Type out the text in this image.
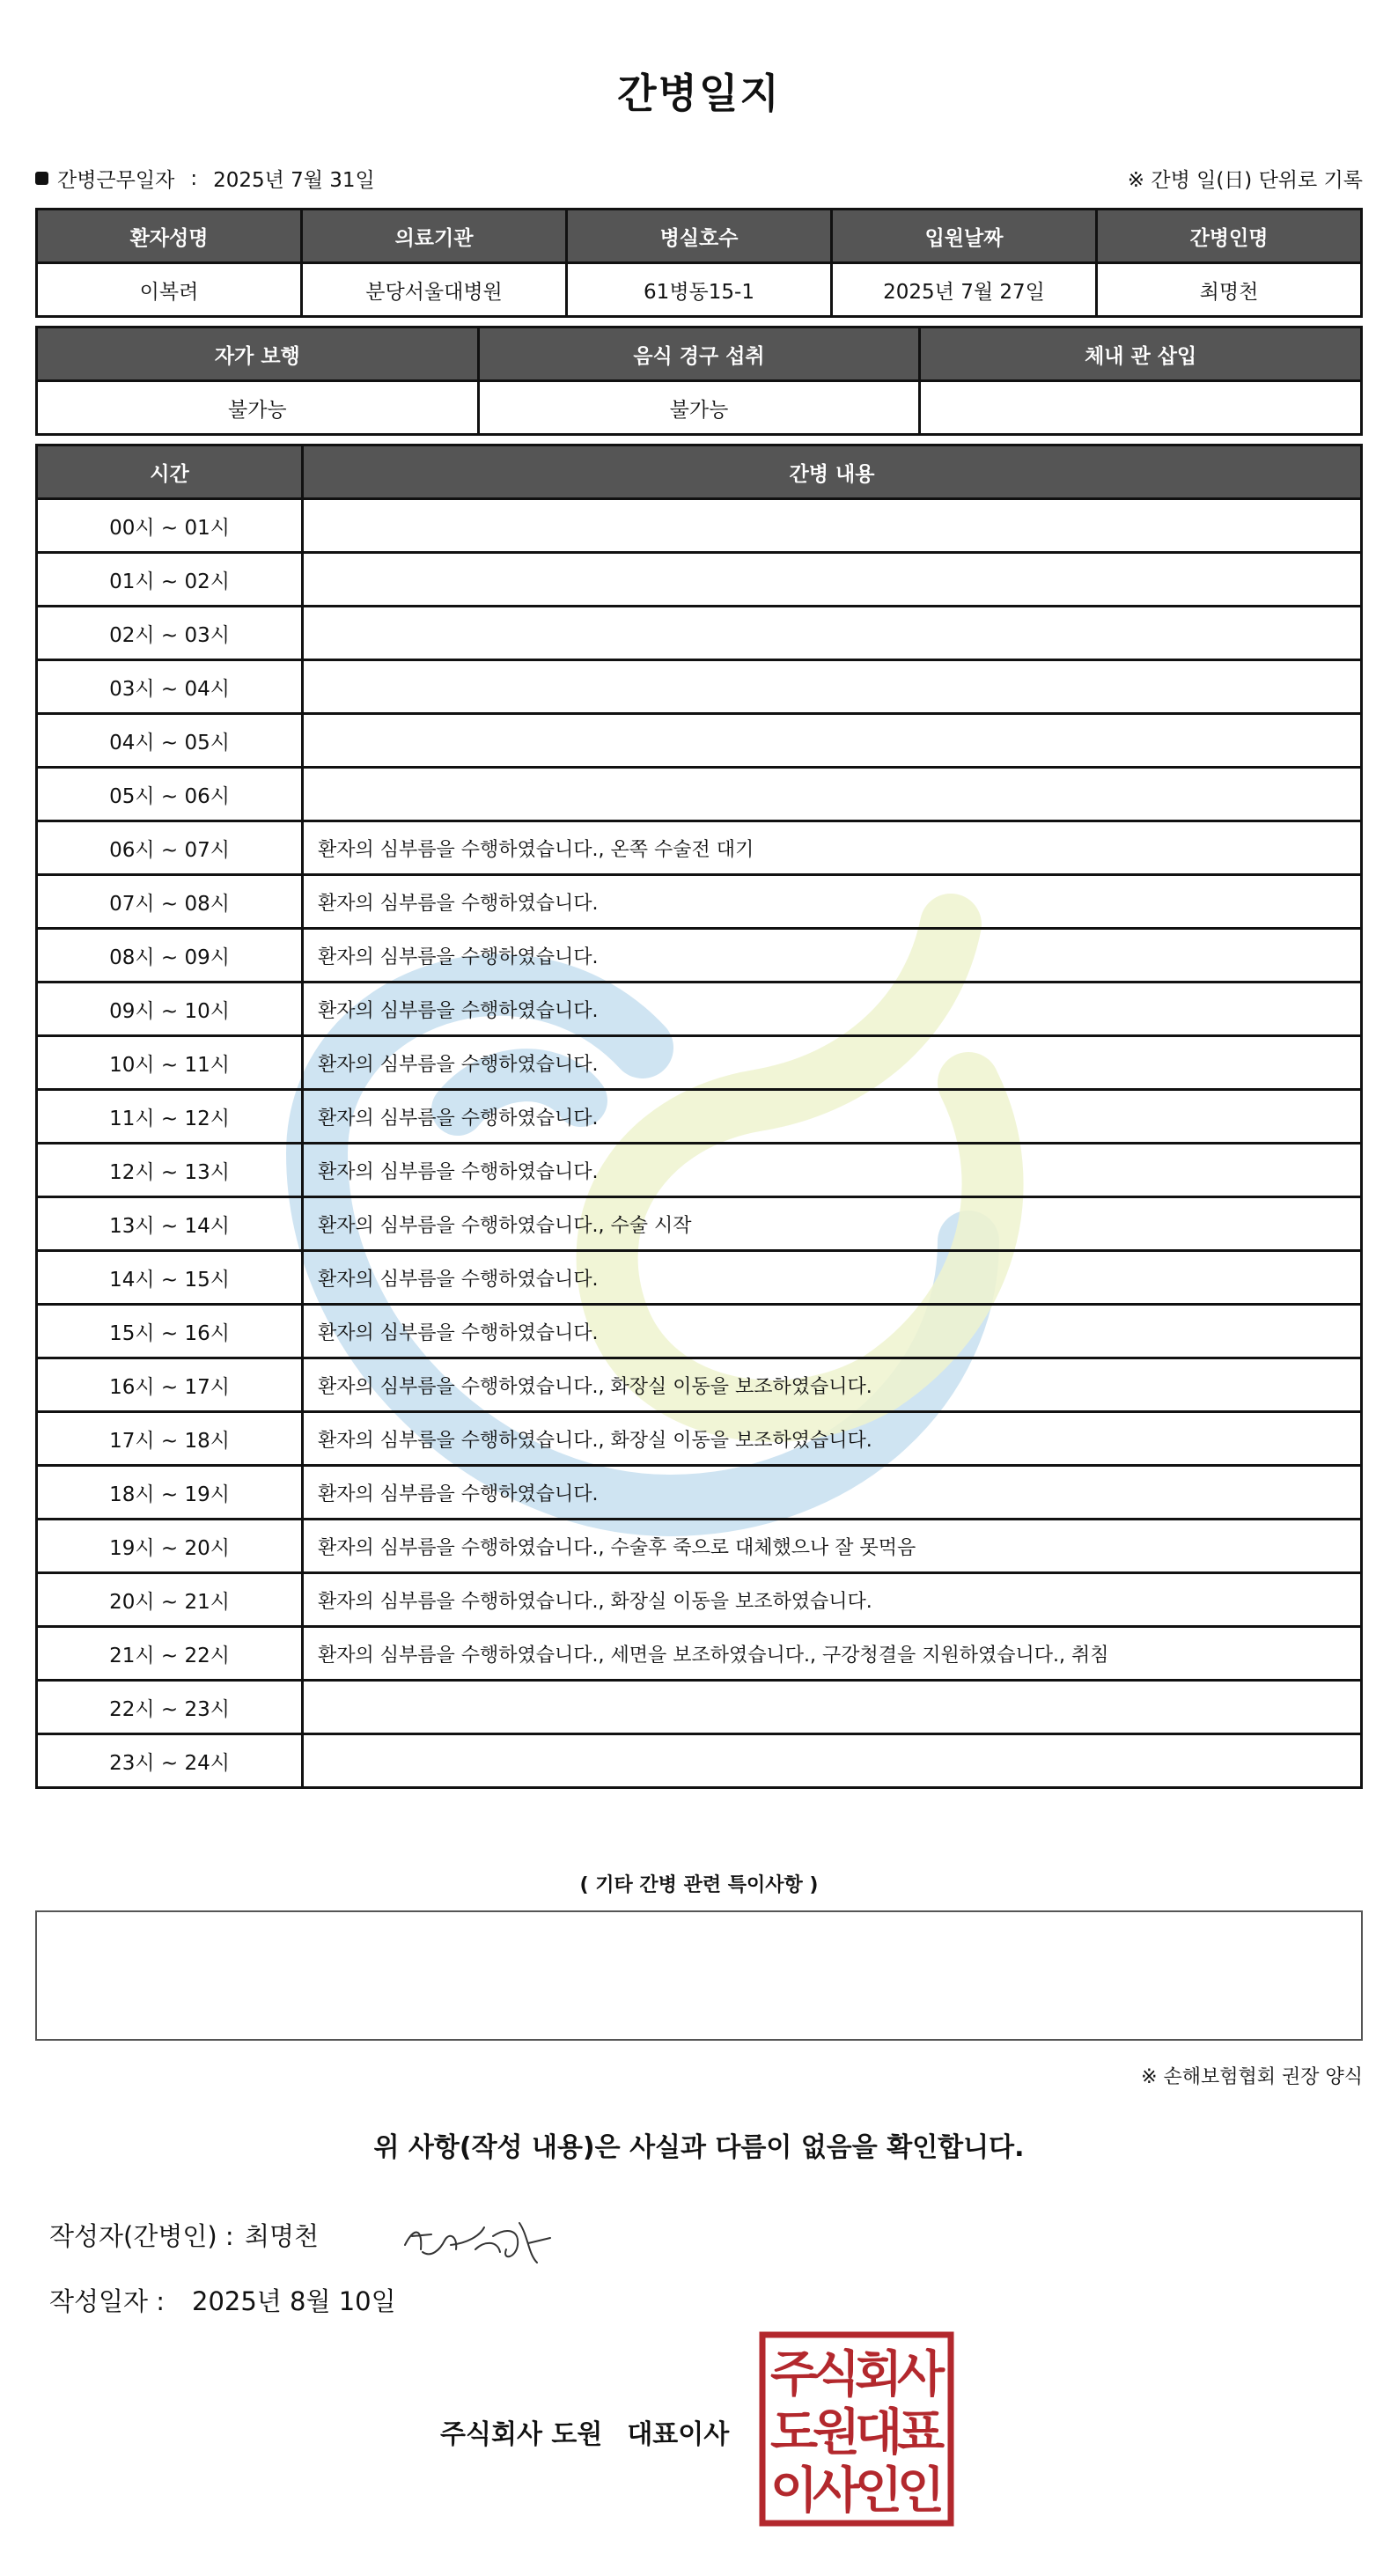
간병일지
간병근무일자 : 2025년 7월 31일	※ 간병 일(日) 단위로 기록
환자성명	의료기관	병실호수	입원날짜	간병인명
이복려	분당서울대병원	61병동15-1	2025년 7월 27일	최명천
자가 보행	음식 경구 섭취	체내 관 삽입
불가능	불가능	
시간	간병 내용
00시 ~ 01시	
01시 ~ 02시	
02시 ~ 03시	
03시 ~ 04시	
04시 ~ 05시	
05시 ~ 06시	
06시 ~ 07시	환자의 심부름을 수행하였습니다., 온쪽 수술전 대기
07시 ~ 08시	환자의 심부름을 수행하였습니다.
08시 ~ 09시	환자의 심부름을 수행하였습니다.
09시 ~ 10시	환자의 심부름을 수행하였습니다.
10시 ~ 11시	환자의 심부름을 수행하였습니다.
11시 ~ 12시	환자의 심부름을 수행하였습니다.
12시 ~ 13시	환자의 심부름을 수행하였습니다.
13시 ~ 14시	환자의 심부름을 수행하였습니다., 수술 시작
14시 ~ 15시	환자의 심부름을 수행하였습니다.
15시 ~ 16시	환자의 심부름을 수행하였습니다.
16시 ~ 17시	환자의 심부름을 수행하였습니다., 화장실 이동을 보조하였습니다.
17시 ~ 18시	환자의 심부름을 수행하였습니다., 화장실 이동을 보조하였습니다.
18시 ~ 19시	환자의 심부름을 수행하였습니다.
19시 ~ 20시	환자의 심부름을 수행하였습니다., 수술후 죽으로 대체했으나 잘 못먹음
20시 ~ 21시	환자의 심부름을 수행하였습니다., 화장실 이동을 보조하였습니다.
21시 ~ 22시	환자의 심부름을 수행하였습니다., 세면을 보조하였습니다., 구강청결을 지원하였습니다., 취침
22시 ~ 23시	
23시 ~ 24시	
( 기타 간병 관련 특이사항 )
※ 손해보험협회 권장 양식
위 사항(작성 내용)은 사실과 다름이 없음을 확인합니다.
작성자(간병인) : 최명천
작성일자 :	2025년 8월 10일
주식회사 도원 대표이사
주
식
회
사
도
원
대
표
이
사
인
인
